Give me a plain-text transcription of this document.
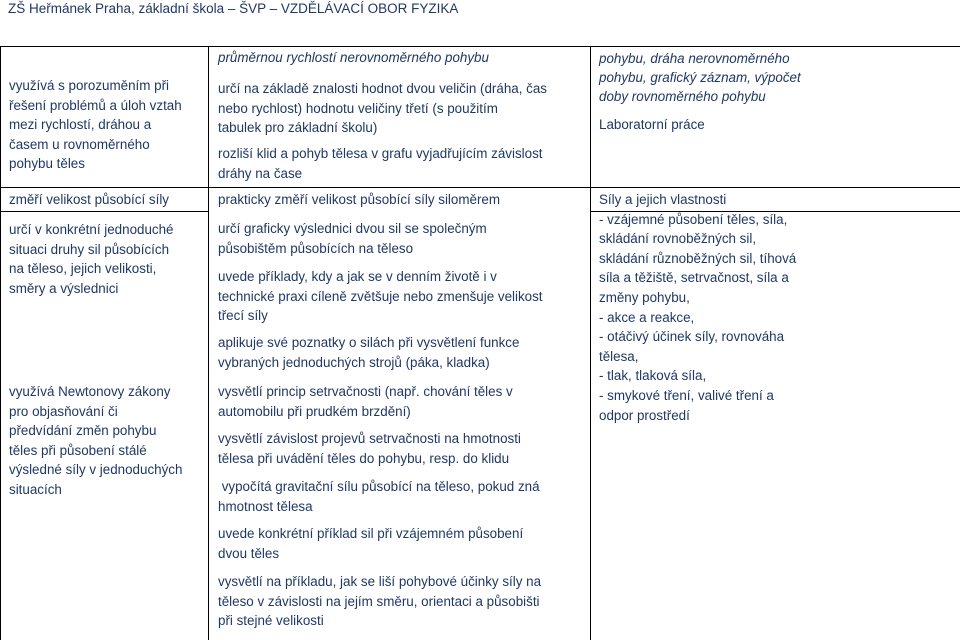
ZŠ Heřmánek Praha, základní škola – ŠVP – VZDĚLÁVACÍ OBOR FYZIKA
využívá s porozuměním při
řešení problémů a úloh vztah
mezi rychlostí, dráhou a
časem u rovnoměrného
pohybu těles
průměrnou rychlostí nerovnoměrného pohybu
určí na základě znalosti hodnot dvou veličin (dráha, čas
nebo rychlost) hodnotu veličiny třetí (s použitím
tabulek pro základní školu)
rozliší klid a pohyb tělesa v grafu vyjadřujícím závislost
dráhy na čase
pohybu, dráha nerovnoměrného
pohybu, grafický záznam, výpočet
doby rovnoměrného pohybu
Laboratorní práce
změří velikost působící síly	prakticky změří velikost působící síly siloměrem	Síly a jejich vlastnosti
- vzájemné působení těles, síla,
skládání rovnoběžných sil,
skládání různoběžných sil, tíhová
síla a těžiště, setrvačnost, síla a
změny pohybu,
- akce a reakce,
- otáčivý účinek síly, rovnováha
tělesa,
- tlak, tlaková síla,
- smykové tření, valivé tření a
odpor prostředí
určí v konkrétní jednoduché
situaci druhy sil působících
na těleso, jejich velikosti,
směry a výslednici
využívá Newtonovy zákony
pro objasňování či
předvídání změn pohybu
těles při působení stálé
výsledné síly v jednoduchých
situacích
určí graficky výslednici dvou sil se společným
působištěm působících na těleso
uvede příklady, kdy a jak se v denním životě i v
technické praxi cíleně zvětšuje nebo zmenšuje velikost
třecí síly
aplikuje své poznatky o silách při vysvětlení funkce
vybraných jednoduchých strojů (páka, kladka)
vysvětlí princip setrvačnosti (např. chování těles v
automobilu při prudkém brzdění)
vysvětlí závislost projevů setrvačnosti na hmotnosti
tělesa při uvádění těles do pohybu, resp. do klidu
vypočítá gravitační sílu působící na těleso, pokud zná
hmotnost tělesa
uvede konkrétní příklad sil při vzájemném působení
dvou těles
vysvětlí na příkladu, jak se liší pohybové účinky síly na
těleso v závislosti na jejím směru, orientaci a působišti
při stejné velikosti
